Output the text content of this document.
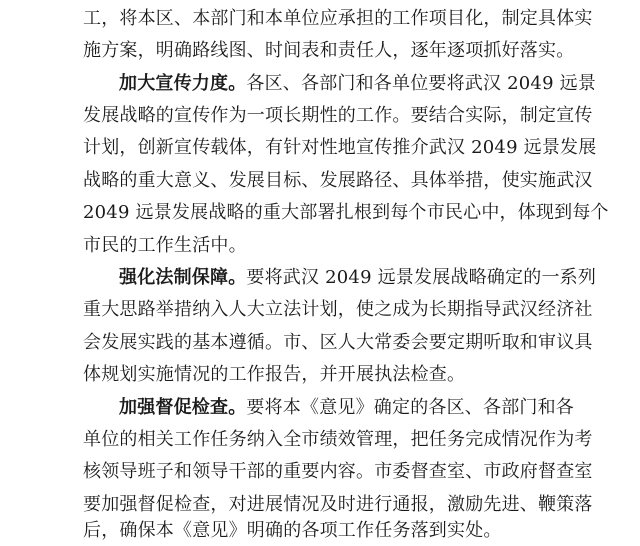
工，将本区、本部门和本单位应承担的工作项目化，制定具体实
施方案，明确路线图、时间表和责任人，逐年逐项抓好落实。
加大宣传力度。各区、各部门和各单位要将武汉 2049 远景
发展战略的宣传作为一项长期性的工作。要结合实际，制定宣传
计划，创新宣传载体，有针对性地宣传推介武汉 2049 远景发展
战略的重大意义、发展目标、发展路径、具体举措，使实施武汉
2049 远景发展战略的重大部署扎根到每个市民心中，体现到每个
市民的工作生活中。
强化法制保障。要将武汉 2049 远景发展战略确定的一系列
重大思路举措纳入人大立法计划，使之成为长期指导武汉经济社
会发展实践的基本遵循。市、区人大常委会要定期听取和审议具
体规划实施情况的工作报告，并开展执法检查。
加强督促检查。要将本《意见》确定的各区、各部门和各
单位的相关工作任务纳入全市绩效管理，把任务完成情况作为考
核领导班子和领导干部的重要内容。市委督查室、市政府督查室
要加强督促检查，对进展情况及时进行通报，激励先进、鞭策落
后，确保本《意见》明确的各项工作任务落到实处。
